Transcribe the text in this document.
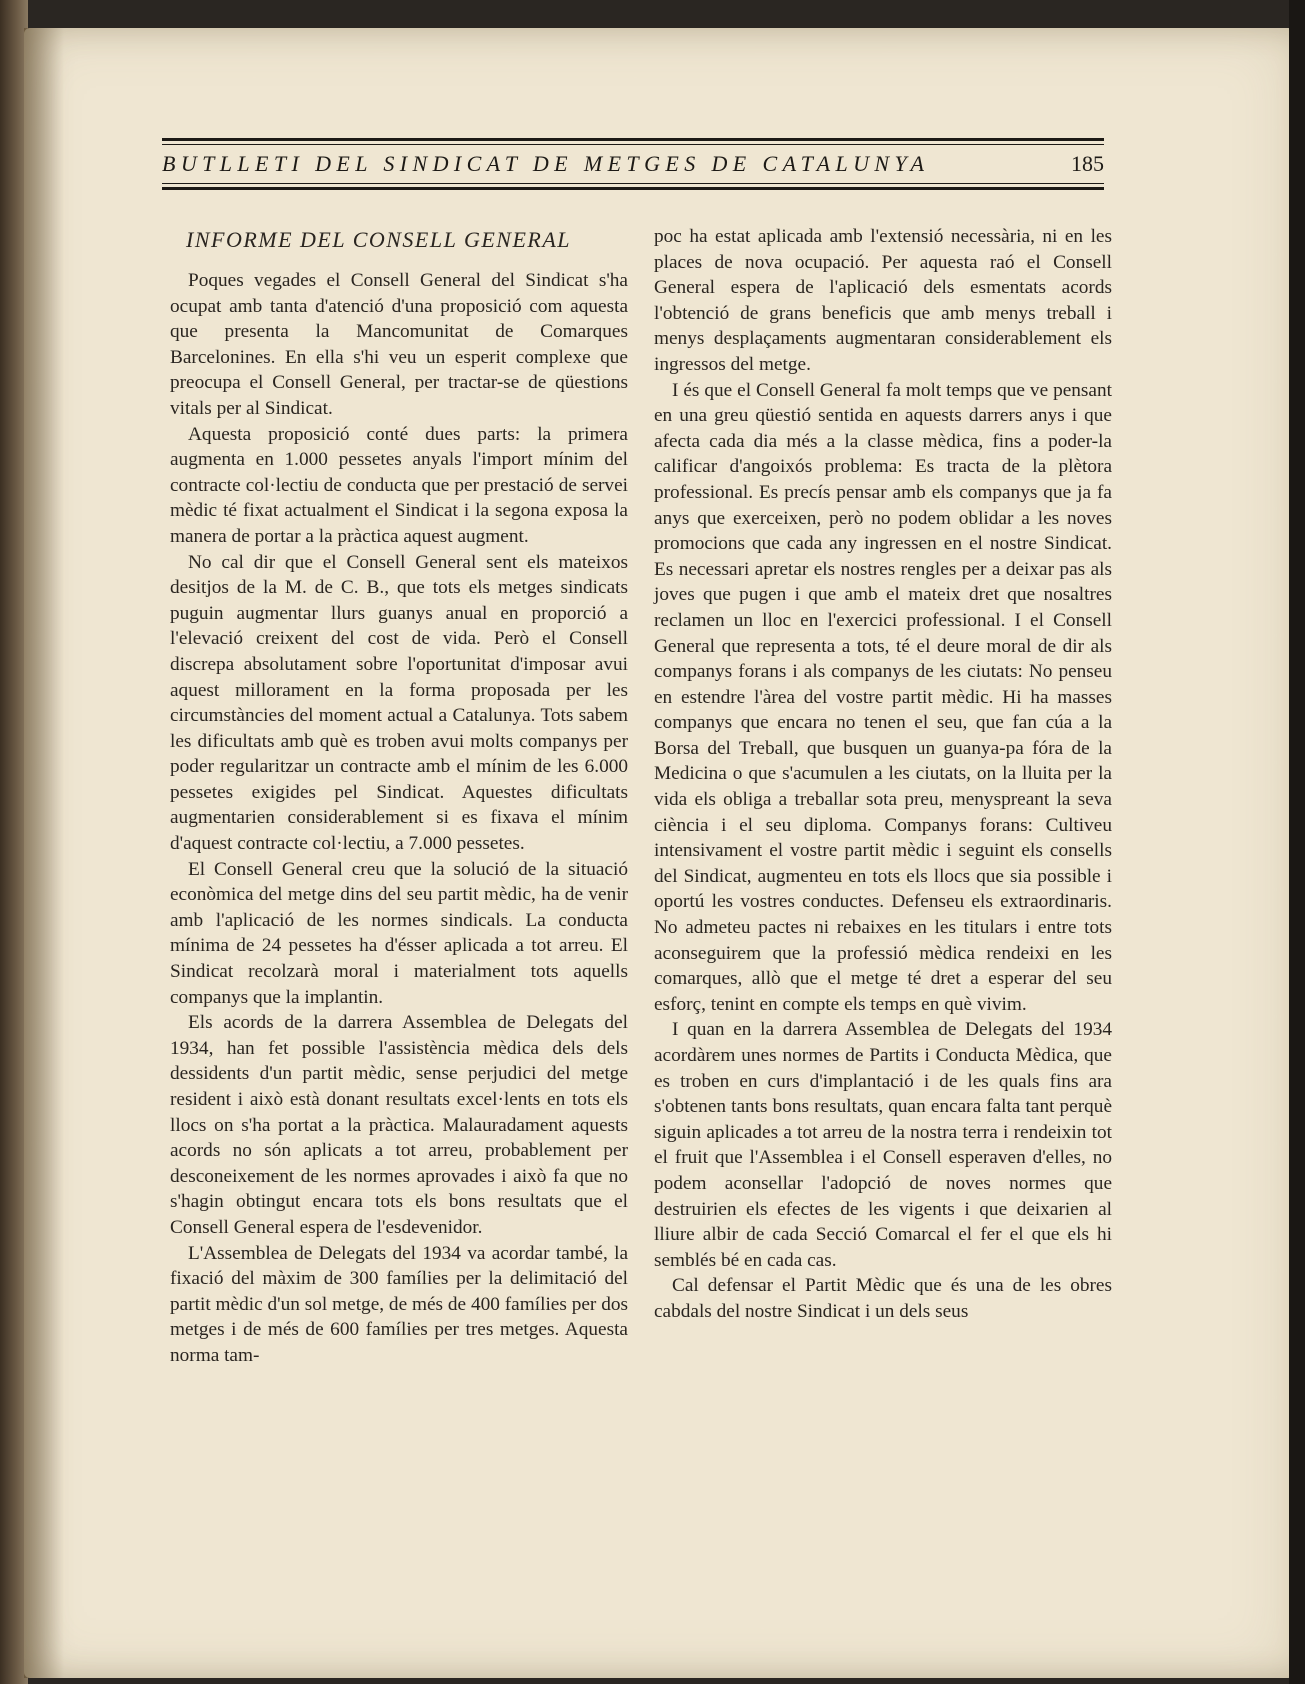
BUTLLETI DEL SINDICAT DE METGES DE CATALUNYA	185
INFORME DEL CONSELL GENERAL

Poques vegades el Consell General del Sindicat s'ha ocupat amb tanta d'atenció d'una proposició com aquesta que presenta la Mancomunitat de Comarques Barcelonines. En ella s'hi veu un esperit complexe que preocupa el Consell General, per tractar-se de qüestions vitals per al Sindicat.

Aquesta proposició conté dues parts: la primera augmenta en 1.000 pessetes anyals l'import mínim del contracte col·lectiu de conducta que per prestació de servei mèdic té fixat actualment el Sindicat i la segona exposa la manera de portar a la pràctica aquest augment.

No cal dir que el Consell General sent els mateixos desitjos de la M. de C. B., que tots els metges sindicats puguin augmentar llurs guanys anual en proporció a l'elevació creixent del cost de vida. Però el Consell discrepa absolutament sobre l'oportunitat d'imposar avui aquest millorament en la forma proposada per les circumstàncies del moment actual a Catalunya. Tots sabem les dificultats amb què es troben avui molts companys per poder regularitzar un contracte amb el mínim de les 6.000 pessetes exigides pel Sindicat. Aquestes dificultats augmentarien considerablement si es fixava el mínim d'aquest contracte col·lectiu, a 7.000 pessetes.

El Consell General creu que la solució de la situació econòmica del metge dins del seu partit mèdic, ha de venir amb l'aplicació de les normes sindicals. La conducta mínima de 24 pessetes ha d'ésser aplicada a tot arreu. El Sindicat recolzarà moral i materialment tots aquells companys que la implantin.

Els acords de la darrera Assemblea de Delegats del 1934, han fet possible l'assistència mèdica dels dels dessidents d'un partit mèdic, sense perjudici del metge resident i això està donant resultats excel·lents en tots els llocs on s'ha portat a la pràctica. Malauradament aquests acords no són aplicats a tot arreu, probablement per desconeixement de les normes aprovades i això fa que no s'hagin obtingut encara tots els bons resultats que el Consell General espera de l'esdevenidor.

L'Assemblea de Delegats del 1934 va acordar també, la fixació del màxim de 300 famílies per la delimitació del partit mèdic d'un sol metge, de més de 400 famílies per dos metges i de més de 600 famílies per tres metges. Aquesta norma tam-

poc ha estat aplicada amb l'extensió necessària, ni en les places de nova ocupació. Per aquesta raó el Consell General espera de l'aplicació dels esmentats acords l'obtenció de grans beneficis que amb menys treball i menys desplaçaments augmentaran considerablement els ingressos del metge.

I és que el Consell General fa molt temps que ve pensant en una greu qüestió sentida en aquests darrers anys i que afecta cada dia més a la classe mèdica, fins a poder-la calificar d'angoixós problema: Es tracta de la plètora professional. Es precís pensar amb els companys que ja fa anys que exerceixen, però no podem oblidar a les noves promocions que cada any ingressen en el nostre Sindicat. Es necessari apretar els nostres rengles per a deixar pas als joves que pugen i que amb el mateix dret que nosaltres reclamen un lloc en l'exercici professional. I el Consell General que representa a tots, té el deure moral de dir als companys forans i als companys de les ciutats: No penseu en estendre l'àrea del vostre partit mèdic. Hi ha masses companys que encara no tenen el seu, que fan cúa a la Borsa del Treball, que busquen un guanya-pa fóra de la Medicina o que s'acumulen a les ciutats, on la lluita per la vida els obliga a treballar sota preu, menyspreant la seva ciència i el seu diploma. Companys forans: Cultiveu intensivament el vostre partit mèdic i seguint els consells del Sindicat, augmenteu en tots els llocs que sia possible i oportú les vostres conductes. Defenseu els extraordinaris. No admeteu pactes ni rebaixes en les titulars i entre tots aconseguirem que la professió mèdica rendeixi en les comarques, allò que el metge té dret a esperar del seu esforç, tenint en compte els temps en què vivim.

I quan en la darrera Assemblea de Delegats del 1934 acordàrem unes normes de Partits i Conducta Mèdica, que es troben en curs d'implantació i de les quals fins ara s'obtenen tants bons resultats, quan encara falta tant perquè siguin aplicades a tot arreu de la nostra terra i rendeixin tot el fruit que l'Assemblea i el Consell esperaven d'elles, no podem aconsellar l'adopció de noves normes que destruirien els efectes de les vigents i que deixarien al lliure albir de cada Secció Comarcal el fer el que els hi semblés bé en cada cas.

Cal defensar el Partit Mèdic que és una de les obres cabdals del nostre Sindicat i un dels seus
